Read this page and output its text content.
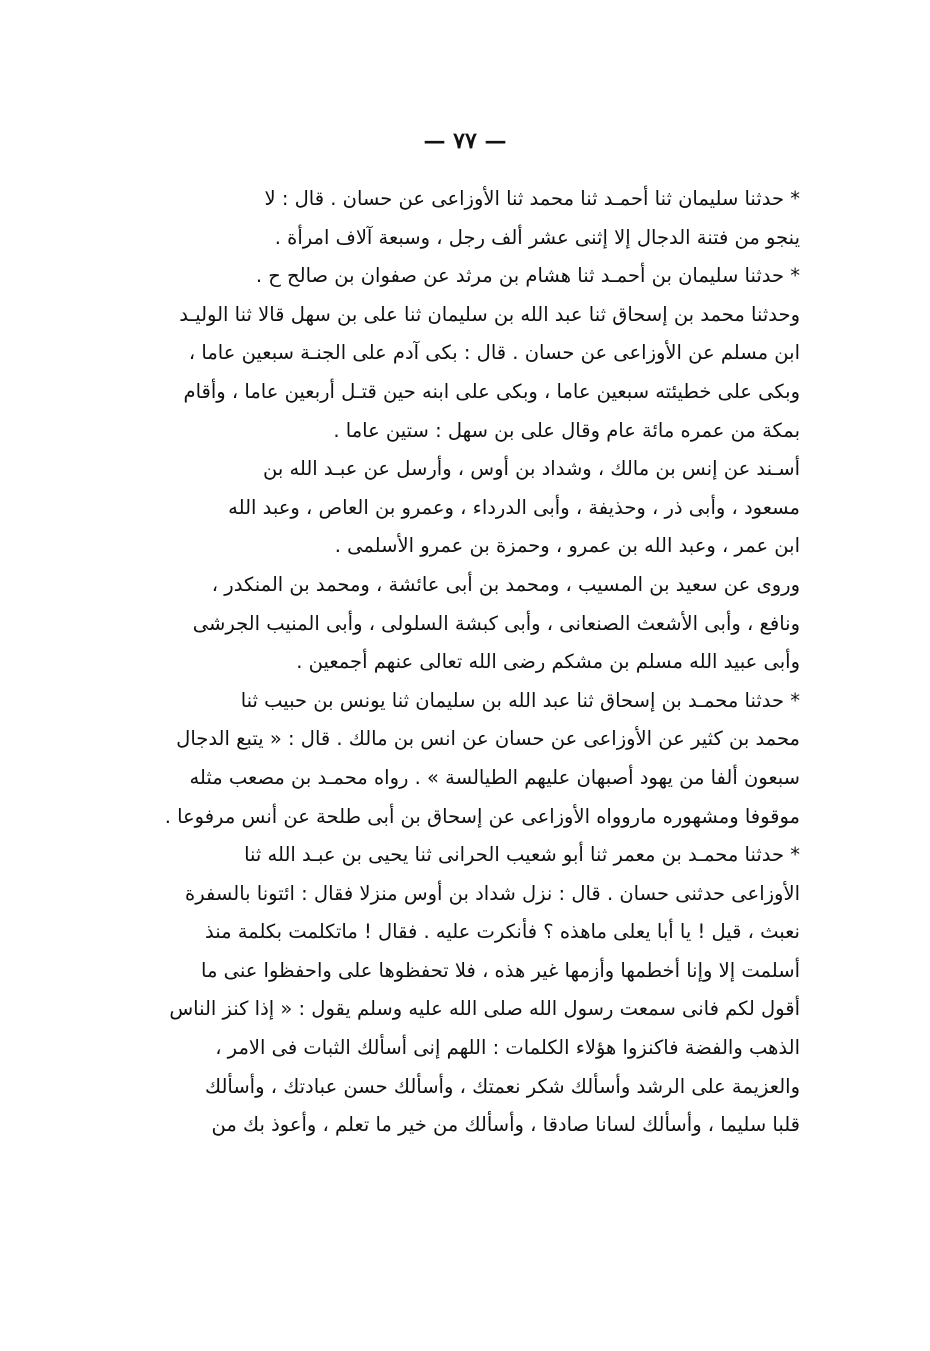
— ٧٧ —
* حدثنا سليمان ثنا أحمـد ثنا محمد ثنا الأوزاعى عن حسان . قال : لا
ينجو من فتنة الدجال إلا إثنى عشر ألف رجل ، وسبعة آلاف امرأة .
* حدثنا سليمان بن أحمـد ثنا هشام بن مرثد عن صفوان بن صالح ح .
وحدثنا محمد بن إسحاق ثنا عبد الله بن سليمان ثنا على بن سهل قالا ثنا الوليـد
ابن مسلم عن الأوزاعى عن حسان . قال : بكى آدم على الجنـة سبعين عاما ،
وبكى على خطيئته سبعين عاما ، وبكى على ابنه حين قتـل أربعين عاما ، وأقام
بمكة من عمره مائة عام وقال على بن سهل : ستين عاما .
أسـند عن إنس بن مالك ، وشداد بن أوس ، وأرسل عن عبـد الله بن
مسعود ، وأبى ذر ، وحذيفة ، وأبى الدرداء ، وعمرو بن العاص ، وعبد الله
ابن عمر ، وعبد الله بن عمرو ، وحمزة بن عمرو الأسلمى .
وروى عن سعيد بن المسيب ، ومحمد بن أبى عائشة ، ومحمد بن المنكدر ،
ونافع ، وأبى الأشعث الصنعانى ، وأبى كبشة السلولى ، وأبى المنيب الجرشى
وأبى عبيد الله مسلم بن مشكم رضى الله تعالى عنهم أجمعين .
* حدثنا محمـد بن إسحاق ثنا عبد الله بن سليمان ثنا يونس بن حبيب ثنا
محمد بن كثير عن الأوزاعى عن حسان عن انس بن مالك . قال : « يتبع الدجال
سبعون ألفا من يهود أصبهان عليهم الطيالسة » . رواه محمـد بن مصعب مثله
موقوفا ومشهوره ماروواه الأوزاعى عن إسحاق بن أبى طلحة عن أنس مرفوعا .
* حدثنا محمـد بن معمر ثنا أبو شعيب الحرانى ثنا يحيى بن عبـد الله ثنا
الأوزاعى حدثنى حسان . قال : نزل شداد بن أوس منزلا فقال : ائتونا بالسفرة
نعبث ، قيل ! يا أبا يعلى ماهذه ؟ فأنكرت عليه . فقال ! ماتكلمت بكلمة منذ
أسلمت إلا وإنا أخطمها وأزمها غير هذه ، فلا تحفظوها على واحفظوا عنى ما
أقول لكم فانى سمعت رسول الله صلى الله عليه وسلم يقول : « إذا كنز الناس
الذهب والفضة فاكنزوا هؤلاء الكلمات : اللهم إنى أسألك الثبات فى الامر ،
والعزيمة على الرشد وأسألك شكر نعمتك ، وأسألك حسن عبادتك ، وأسألك
قلبا سليما ، وأسألك لسانا صادقا ، وأسألك من خير ما تعلم ، وأعوذ بك من
